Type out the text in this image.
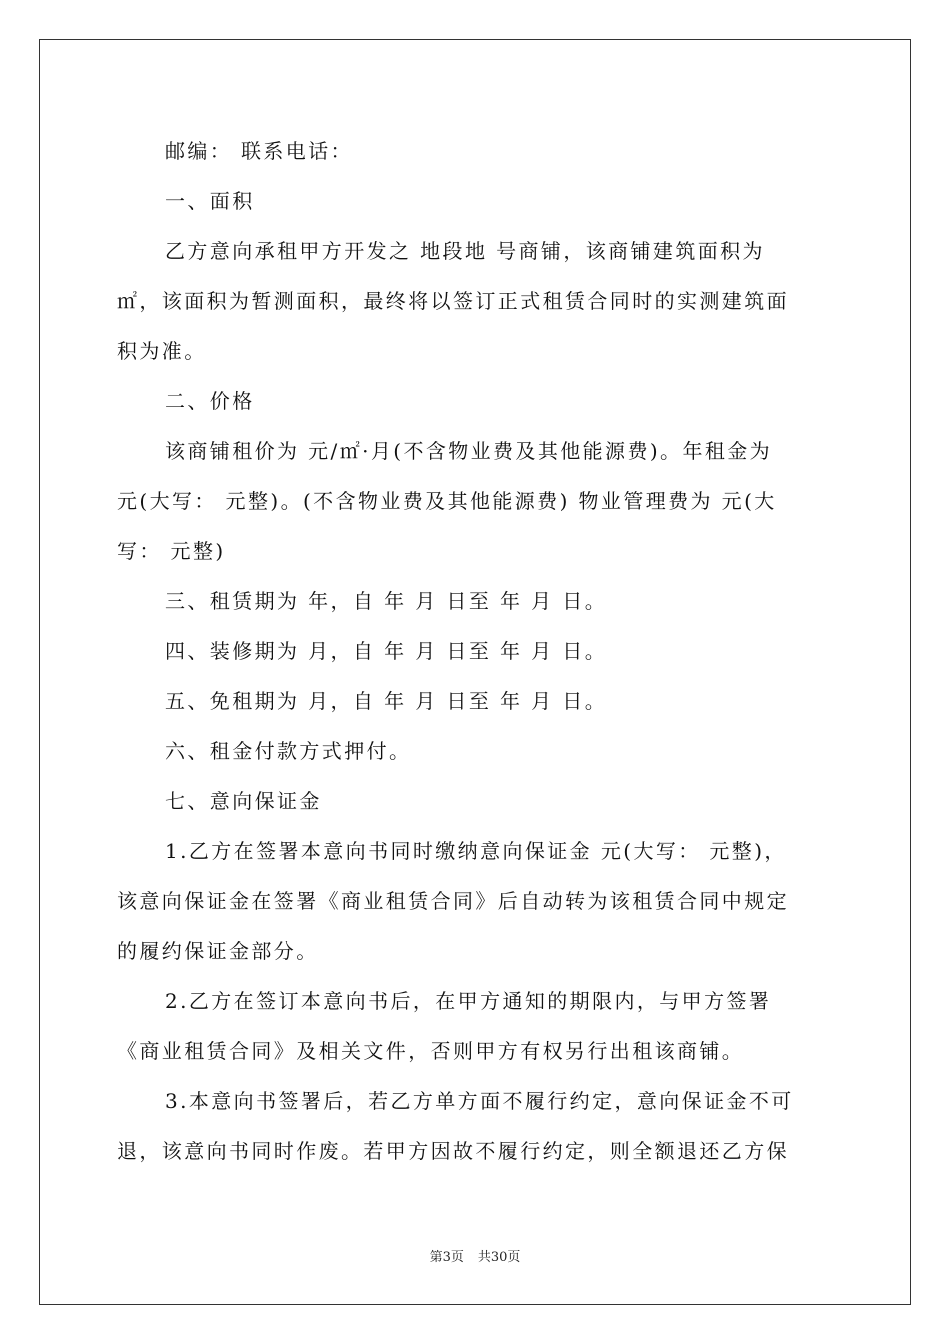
邮编： 联系电话：

一、面积

乙方意向承租甲方开发之 地段地 号商铺，该商铺建筑面积为

㎡，该面积为暂测面积，最终将以签订正式租赁合同时的实测建筑面

积为准。

二、价格

该商铺租价为 元/㎡·月(不含物业费及其他能源费)。年租金为

元(大写： 元整)。(不含物业费及其他能源费) 物业管理费为 元(大

写： 元整)

三、租赁期为 年，自 年 月 日至 年 月 日。

四、装修期为 月，自 年 月 日至 年 月 日。

五、免租期为 月，自 年 月 日至 年 月 日。

六、租金付款方式押付。

七、意向保证金

1.乙方在签署本意向书同时缴纳意向保证金 元(大写： 元整)，

该意向保证金在签署《商业租赁合同》后自动转为该租赁合同中规定

的履约保证金部分。

2.乙方在签订本意向书后，在甲方通知的期限内，与甲方签署

《商业租赁合同》及相关文件，否则甲方有权另行出租该商铺。

3.本意向书签署后，若乙方单方面不履行约定，意向保证金不可

退，该意向书同时作废。若甲方因故不履行约定，则全额退还乙方保

第3页 共30页
